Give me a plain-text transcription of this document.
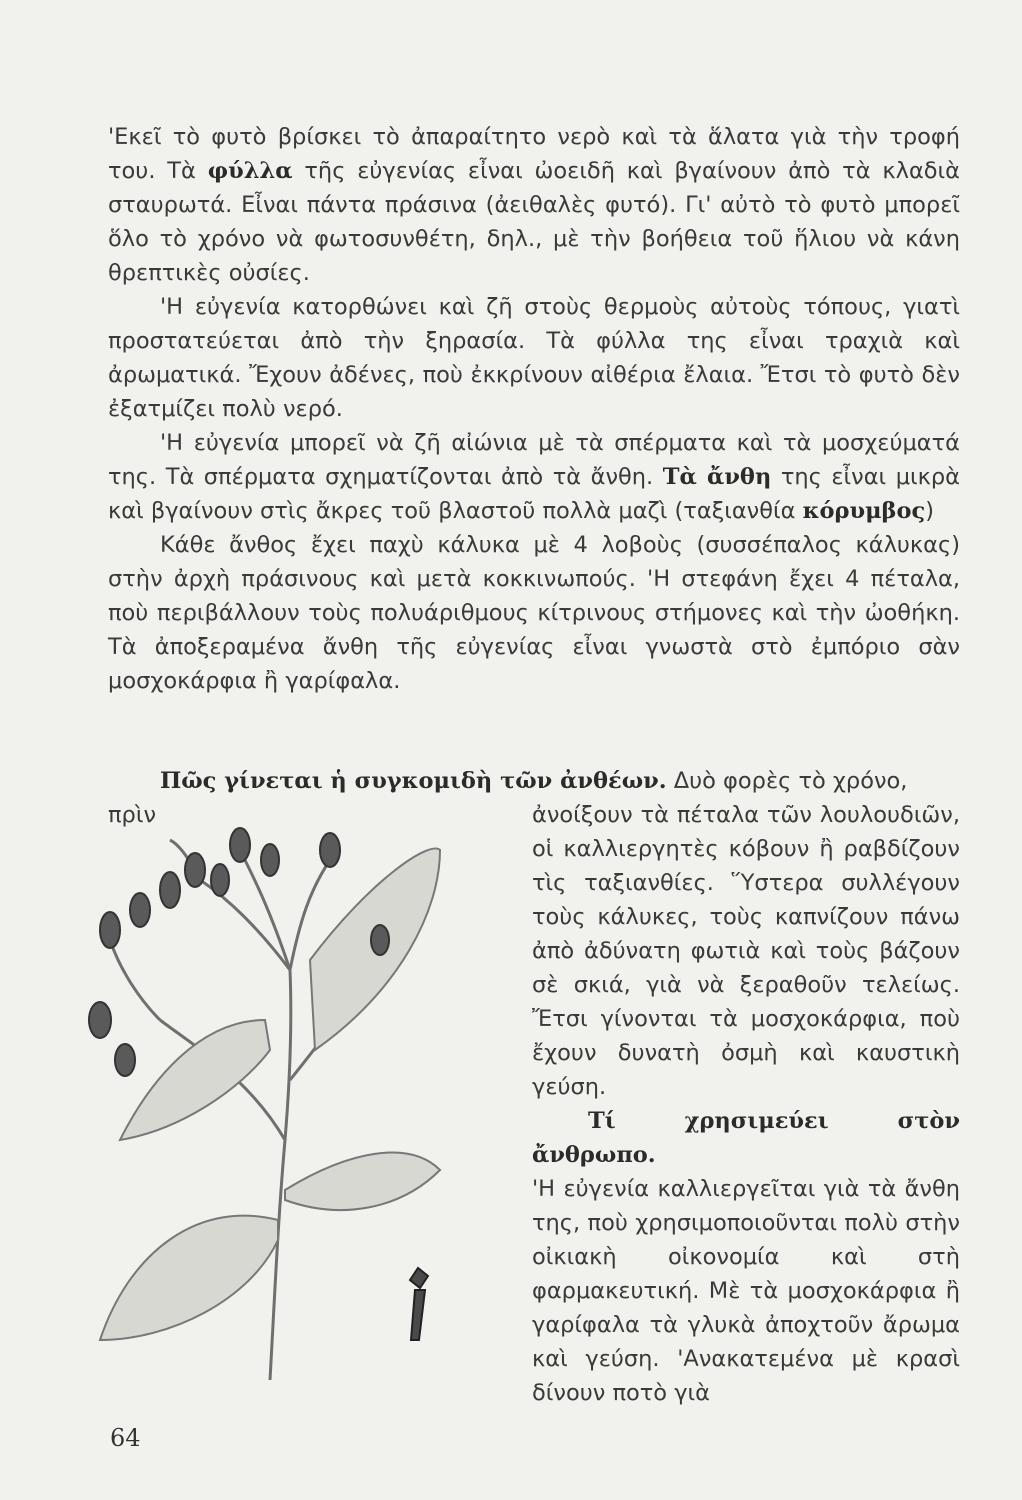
'Εκεῖ τὸ φυτὸ βρίσκει τὸ ἀπαραίτητο νερὸ καὶ τὰ ἅλατα γιὰ τὴν τροφή του. Τὰ φύλλα τῆς εὐγενίας εἶναι ὠοειδῆ καὶ βγαίνουν ἀπὸ τὰ κλαδιὰ σταυρωτά. Εἶναι πάντα πράσινα (ἀειθαλὲς φυτό). Γι' αὐτὸ τὸ φυτὸ μπορεῖ ὅλο τὸ χρόνο νὰ φωτοσυνθέτη, δηλ., μὲ τὴν βοήθεια τοῦ ἥλιου νὰ κάνη θρεπτικὲς οὐσίες.

'Η εὐγενία κατορθώνει καὶ ζῆ στοὺς θερμοὺς αὐτοὺς τόπους, γιατὶ προστατεύεται ἀπὸ τὴν ξηρασία. Τὰ φύλλα της εἶναι τραχιὰ καὶ ἀρωματικά. Ἔχουν ἀδένες, ποὺ ἐκκρίνουν αἰθέρια ἔλαια. Ἔτσι τὸ φυτὸ δὲν ἐξατμίζει πολὺ νερό.

'Η εὐγενία μπορεῖ νὰ ζῆ αἰώνια μὲ τὰ σπέρματα καὶ τὰ μοσχεύματά της. Τὰ σπέρματα σχηματίζονται ἀπὸ τὰ ἄνθη. Τὰ ἄνθη της εἶναι μικρὰ καὶ βγαίνουν στὶς ἄκρες τοῦ βλαστοῦ πολλὰ μαζὶ (ταξιανθία κόρυμβος)

Κάθε ἄνθος ἔχει παχὺ κάλυκα μὲ 4 λοβοὺς (συσσέπαλος κάλυκας) στὴν ἀρχὴ πράσινους καὶ μετὰ κοκκινωπούς. 'Η στεφάνη ἔχει 4 πέταλα, ποὺ περιβάλλουν τοὺς πολυάριθμους κίτρινους στήμονες καὶ τὴν ὠοθήκη. Τὰ ἀποξεραμένα ἄνθη τῆς εὐγενίας εἶναι γνωστὰ στὸ ἐμπόριο σὰν μοσχοκάρφια ἢ γαρίφαλα.

Πῶς γίνεται ἡ συγκομιδὴ τῶν ἀνθέων. Δυὸ φορὲς τὸ χρόνο, πρὶν	ἀνοίξουν τὰ πέταλα τῶν λουλουδιῶν, οἱ καλλιεργητὲς κόβουν ἢ ραβδίζουν τὶς ταξιανθίες. Ὕστερα συλλέγουν τοὺς κάλυκες, τοὺς καπνίζουν πάνω ἀπὸ ἀδύνατη φωτιὰ καὶ τοὺς βάζουν σὲ σκιά, γιὰ νὰ ξεραθοῦν τελείως. Ἔτσι γίνονται τὰ μοσχοκάρφια, ποὺ ἔχουν δυνατὴ ὀσμὴ καὶ καυστικὴ γεύση.

Τί χρησιμεύει στὸν ἄνθρωπο.

'Η εὐγενία καλλιεργεῖται γιὰ τὰ ἄνθη της, ποὺ χρησιμοποιοῦνται πολὺ στὴν οἰκιακὴ οἰκονομία καὶ στὴ φαρμακευτική. Μὲ τὰ μοσχοκάρφια ἢ γαρίφαλα τὰ γλυκὰ ἀποχτοῦν ἄρωμα καὶ γεύση. 'Ανακατεμένα μὲ κρασὶ δίνουν ποτὸ γιὰ

64
